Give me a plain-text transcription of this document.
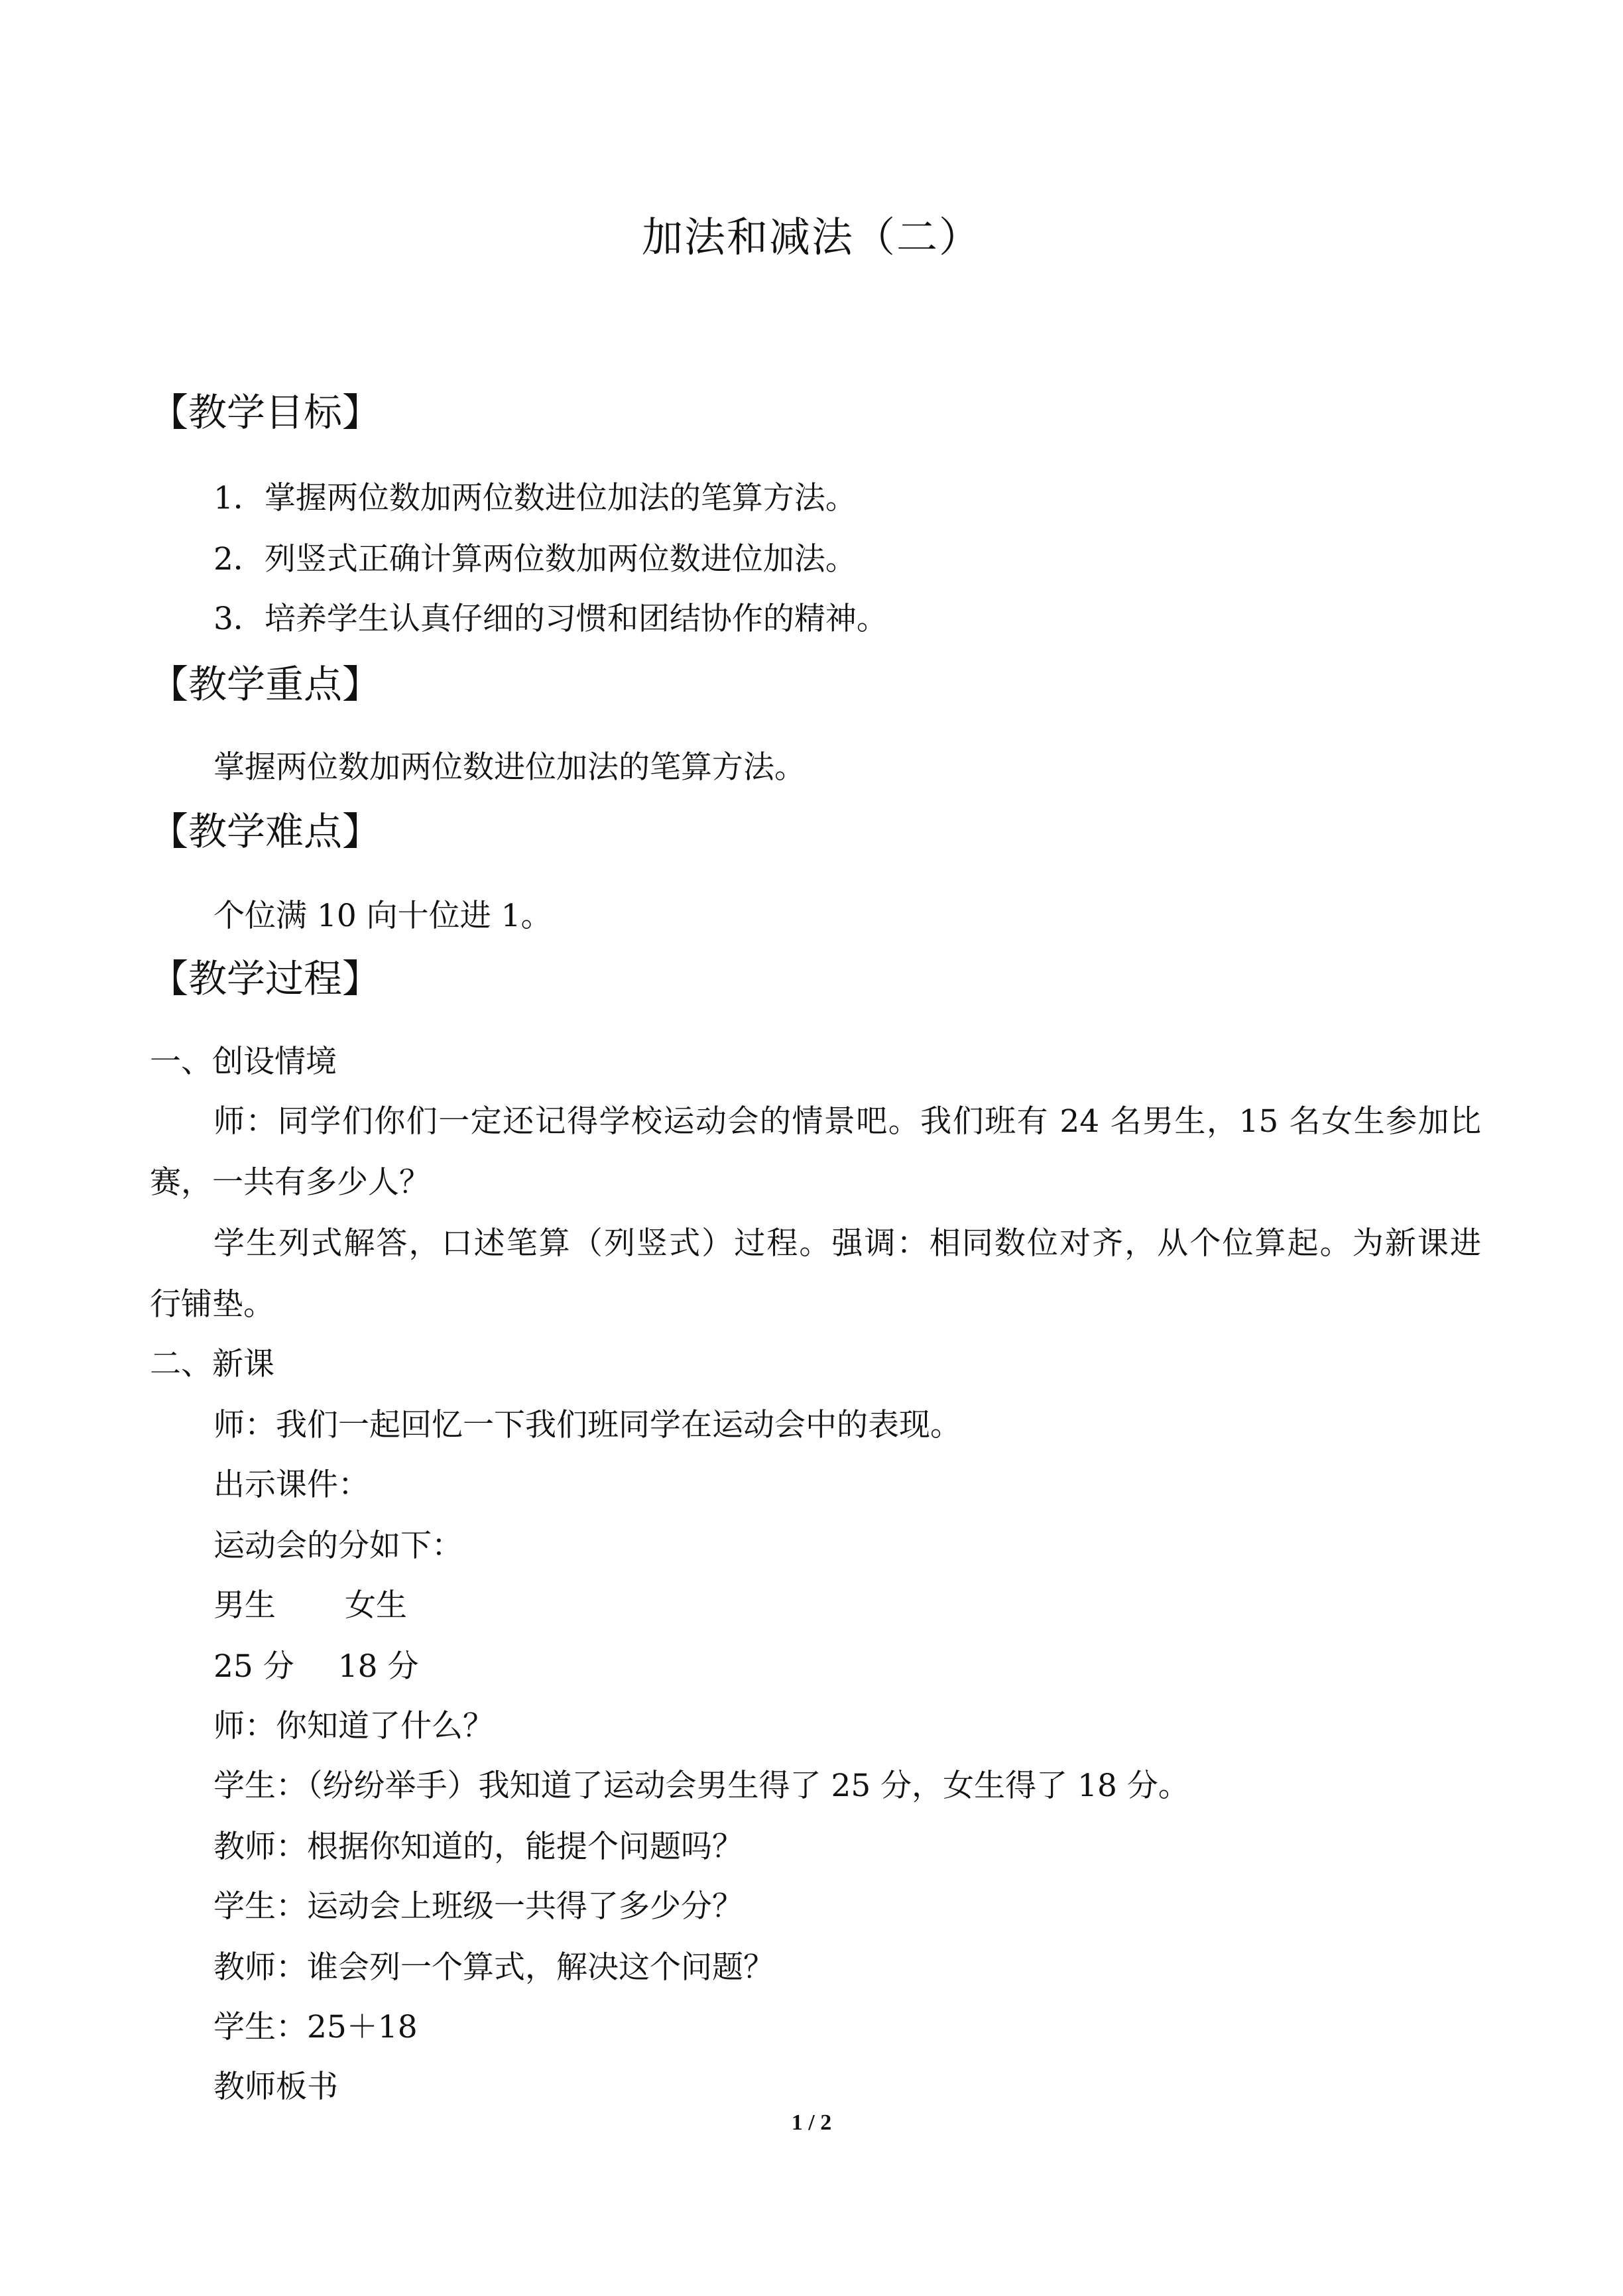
加法和减法（二）
【教学目标】
1．掌握两位数加两位数进位加法的笔算方法。
2．列竖式正确计算两位数加两位数进位加法。
3．培养学生认真仔细的习惯和团结协作的精神。
【教学重点】
掌握两位数加两位数进位加法的笔算方法。
【教学难点】
个位满 10 向十位进 1。
【教学过程】
一、创设情境
师：同学们你们一定还记得学校运动会的情景吧。我们班有 24 名男生，15 名女生参加比
赛，一共有多少人？
学生列式解答，口述笔算（列竖式）过程。强调：相同数位对齐，从个位算起。为新课进
行铺垫。
二、新课
师：我们一起回忆一下我们班同学在运动会中的表现。
出示课件：
运动会的分如下：
男生 女生
25 分 18 分
师：你知道了什么？
学生：（纷纷举手）我知道了运动会男生得了 25 分，女生得了 18 分。
教师：根据你知道的，能提个问题吗？
学生：运动会上班级一共得了多少分？
教师：谁会列一个算式，解决这个问题？
学生：25＋18
教师板书
1 / 2
